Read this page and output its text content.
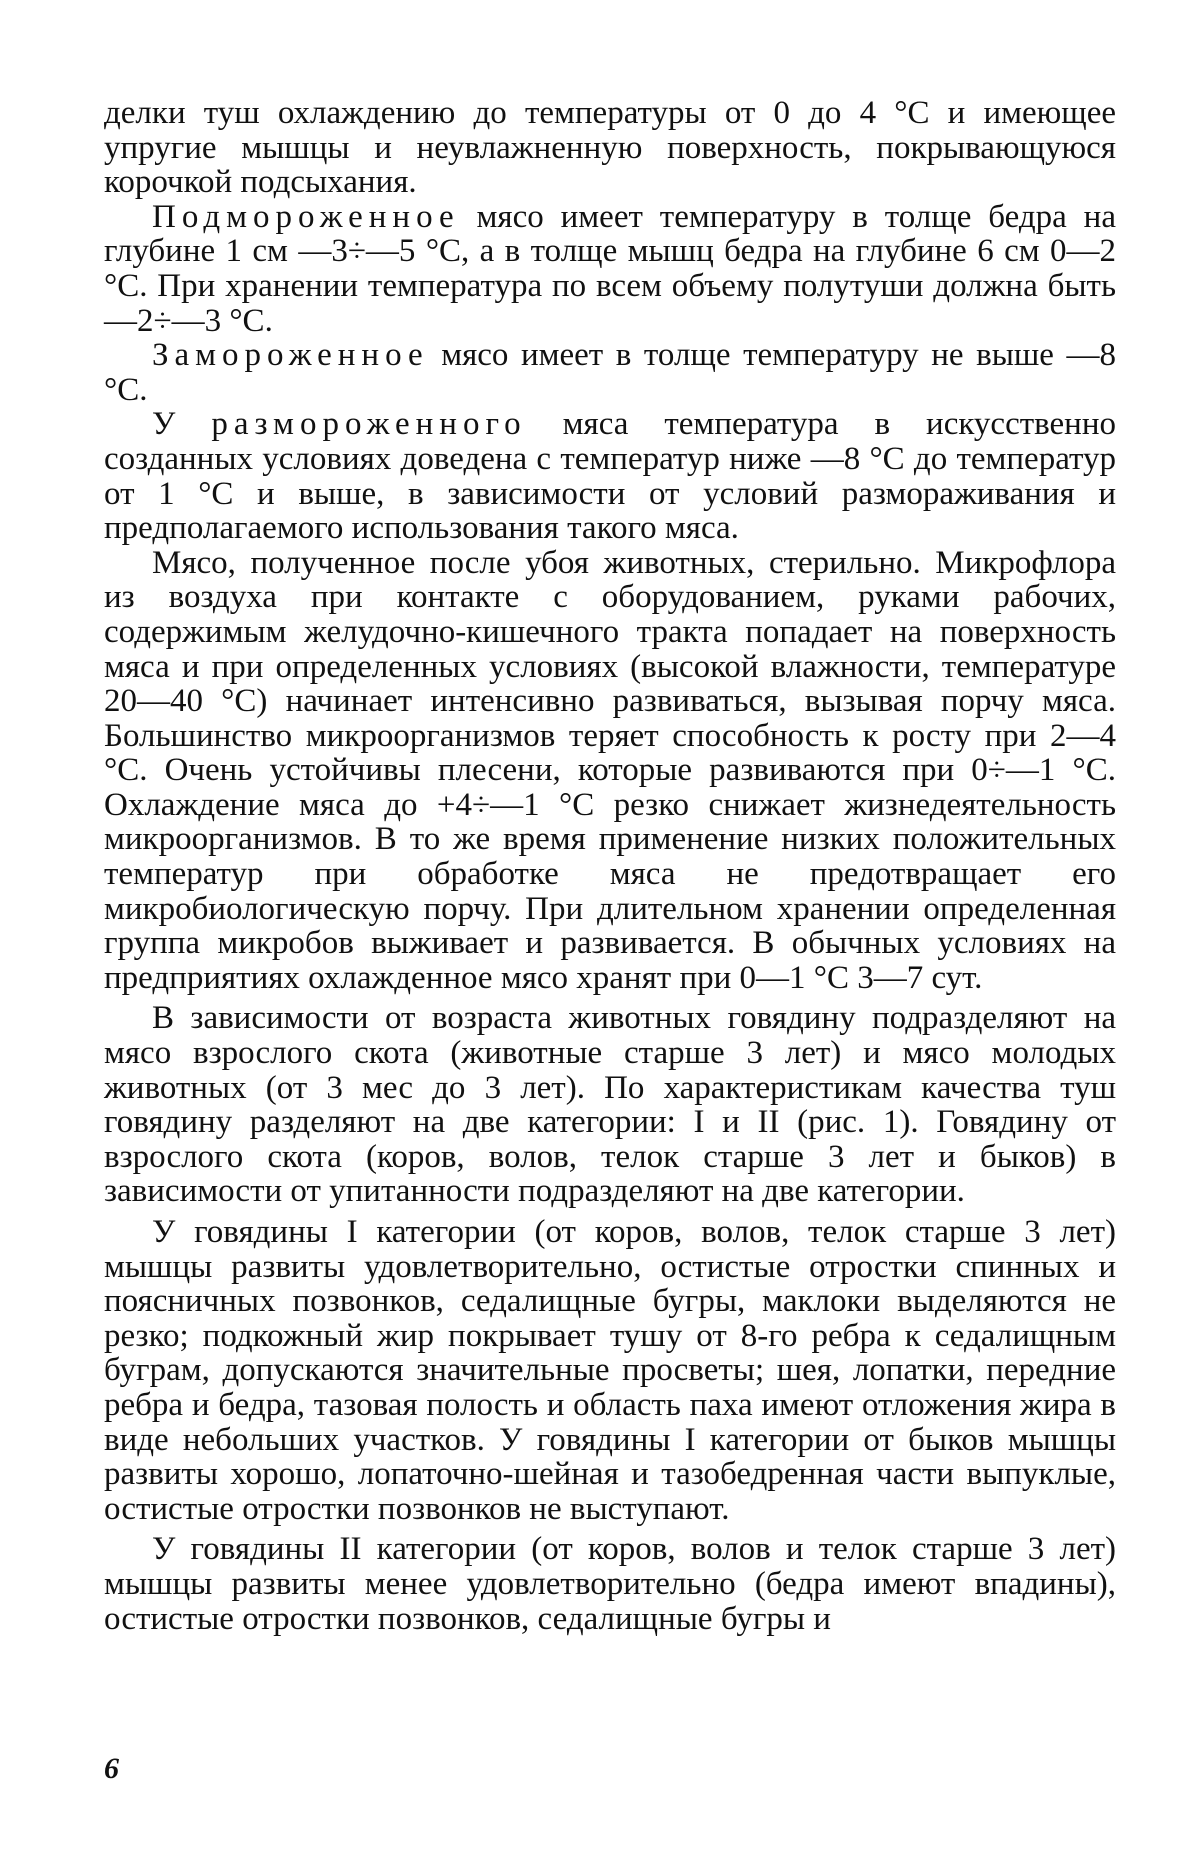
делки туш охлаждению до температуры от 0 до 4 °С и имеющее упругие мышцы и неувлажненную поверхность, покрывающуюся корочкой подсыхания.

Подмороженное мясо имеет температуру в толще бедра на глубине 1 см —3÷—5 °С, а в толще мышц бедра на глубине 6 см 0—2 °С. При хранении температура по всем объему полутуши должна быть —2÷—3 °С.

Замороженное мясо имеет в толще температуру не выше —8 °С.

У размороженного мяса температура в искусственно созданных условиях доведена с температур ниже —8 °С до температур от 1 °С и выше, в зависимости от условий размораживания и предполагаемого использования такого мяса.

Мясо, полученное после убоя животных, стерильно. Микрофлора из воздуха при контакте с оборудованием, руками рабочих, содержимым желудочно-кишечного тракта попадает на поверхность мяса и при определенных условиях (высокой влажности, температуре 20—40 °С) начинает интенсивно развиваться, вызывая порчу мяса. Большинство микроорганизмов теряет способность к росту при 2—4 °С. Очень устойчивы плесени, которые развиваются при 0÷—1 °С. Охлаждение мяса до +4÷—1 °С резко снижает жизнедеятельность микроорганизмов. В то же время применение низких положительных температур при обработке мяса не предотвращает его микробиологическую порчу. При длительном хранении определенная группа микробов выживает и развивается. В обычных условиях на предприятиях охлажденное мясо хранят при 0—1 °С 3—7 сут.

В зависимости от возраста животных говядину подразделяют на мясо взрослого скота (животные старше 3 лет) и мясо молодых животных (от 3 мес до 3 лет). По характеристикам качества туш говядину разделяют на две категории: I и II (рис. 1). Говядину от взрослого скота (коров, волов, телок старше 3 лет и быков) в зависимости от упитанности подразделяют на две категории.

У говядины I категории (от коров, волов, телок старше 3 лет) мышцы развиты удовлетворительно, остистые отростки спинных и поясничных позвонков, седалищные бугры, маклоки выделяются не резко; подкожный жир покрывает тушу от 8-го ребра к седалищным буграм, допускаются значительные просветы; шея, лопатки, передние ребра и бедра, тазовая полость и область паха имеют отложения жира в виде небольших участков. У говядины I категории от быков мышцы развиты хорошо, лопаточно-шейная и тазобедренная части выпуклые, остистые отростки позвонков не выступают.

У говядины II категории (от коров, волов и телок старше 3 лет) мышцы развиты менее удовлетворительно (бедра имеют впадины), остистые отростки позвонков, седалищные бугры и

6
